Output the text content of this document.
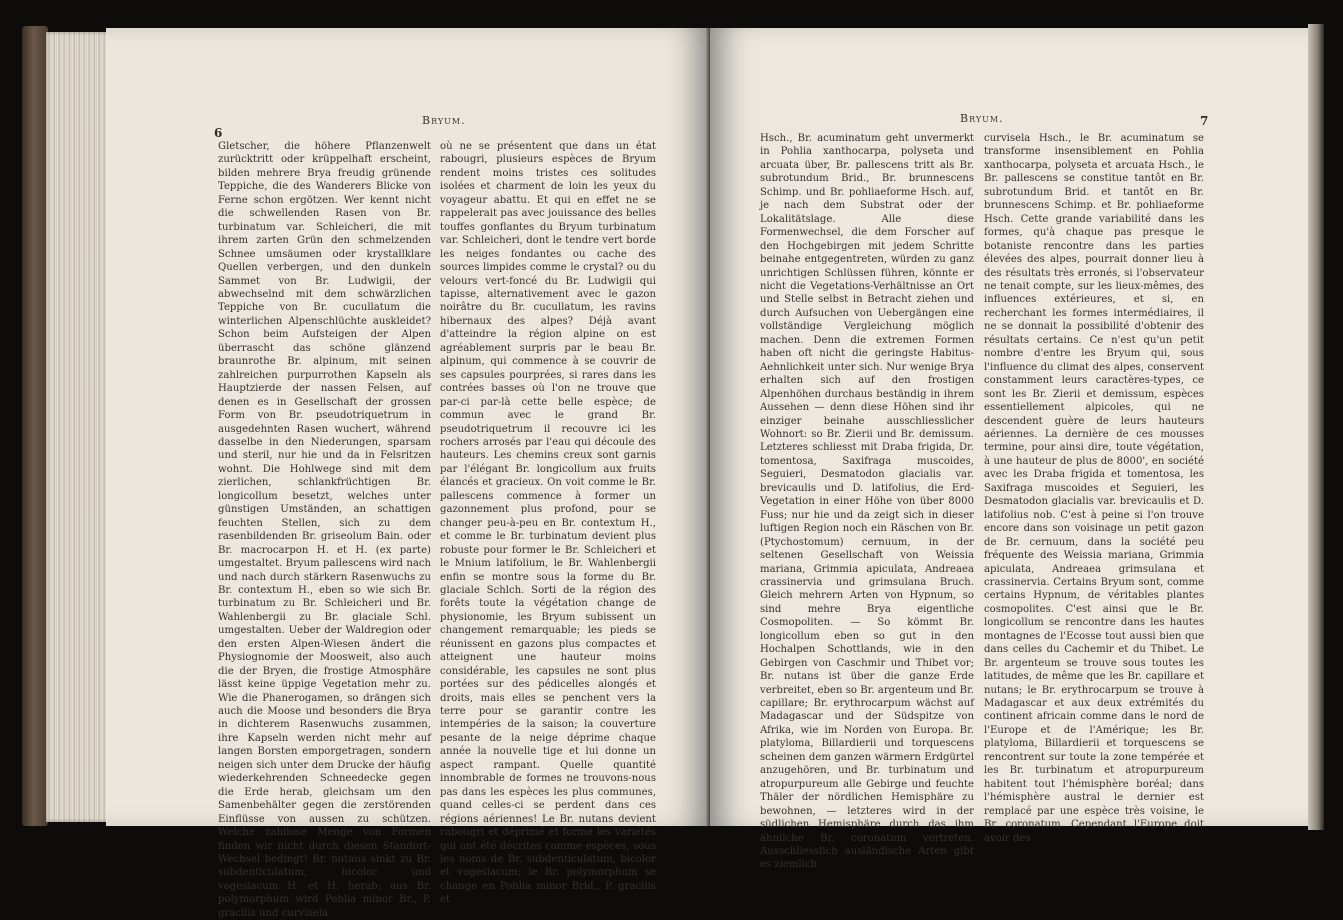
6
Bryum.

Gletscher, die höhere Pflanzenwelt zurücktritt oder krüppelhaft erscheint, bilden mehrere Brya freudig grünende Teppiche, die des Wanderers Blicke von Ferne schon ergötzen. Wer kennt nicht die schwellenden Rasen von Br. turbinatum var. Schleicheri, die mit ihrem zarten Grün den schmelzenden Schnee umsäumen oder krystallklare Quellen verbergen, und den dunkeln Sammet von Br. Ludwigii, der abwechselnd mit dem schwärzlichen Teppiche von Br. cucullatum die winterlichen Alpenschlüchte auskleidet? Schon beim Aufsteigen der Alpen überrascht das schöne glänzend braunrothe Br. alpinum, mit seinen zahlreichen purpurrothen Kapseln als Hauptzierde der nassen Felsen, auf denen es in Gesellschaft der grossen Form von Br. pseudotriquetrum in ausgedehnten Rasen wuchert, während dasselbe in den Niederungen, sparsam und steril, nur hie und da in Felsritzen wohnt. Die Hohlwege sind mit dem zierlichen, schlankfrüchtigen Br. longicollum besetzt, welches unter günstigen Umständen, an schattigen feuchten Stellen, sich zu dem rasenbildenden Br. griseolum Bain. oder Br. macrocarpon H. et H. (ex parte) umgestaltet. Bryum pallescens wird nach und nach durch stärkern Rasenwuchs zu Br. contextum H., eben so wie sich Br. turbinatum zu Br. Schleicheri und Br. Wahlenbergii zu Br. glaciale Schl. umgestalten. Ueber der Waldregion oder den ersten Alpen-Wiesen ändert die Physiognomie der Moosweit, also auch die der Bryen, die frostige Atmosphäre lässt keine üppige Vegetation mehr zu. Wie die Phanerogamen, so drängen sich auch die Moose und besonders die Brya in dichterem Rasenwuchs zusammen, ihre Kapseln werden nicht mehr auf langen Borsten emporgetragen, sondern neigen sich unter dem Drucke der häufig wiederkehrenden Schneedecke gegen die Erde herab, gleichsam um den Samenbehälter gegen die zerstörenden Einflüsse von aussen zu schützen. Welche zahllose Menge von Formen finden wir nicht durch diesen Standort-Wechsel bedingt! Br. nutans sinkt zu Br. subdenticulatum, bicolor und vogesiacum H. et H. herab; aus Br. polymorphum wird Pohlia minor Br., P. gracilis und curvisela

où ne se présentent que dans un état rabougri, plusieurs espèces de Bryum rendent moins tristes ces solitudes isolées et charment de loin les yeux du voyageur abattu. Et qui en effet ne se rappelerait pas avec jouissance des belles touffes gonflantes du Bryum turbinatum var. Schleicheri, dont le tendre vert borde les neiges fondantes ou cache des sources limpides comme le crystal? ou du velours vert-foncé du Br. Ludwigii qui tapisse, alternativement avec le gazon noirâtre du Br. cucullatum, les ravins hibernaux des alpes? Déjà avant d'atteindre la région alpine on est agréablement surpris par le beau Br. alpinum, qui commence à se couvrir de ses capsules pourprées, si rares dans les contrées basses où l'on ne trouve que par-ci par-là cette belle espèce; de commun avec le grand Br. pseudotriquetrum il recouvre ici les rochers arrosés par l'eau qui découle des hauteurs. Les chemins creux sont garnis par l'élégant Br. longicollum aux fruits élancés et gracieux. On voit comme le Br. pallescens commence à former un gazonnement plus profond, pour se changer peu-à-peu en Br. contextum H., et comme le Br. turbinatum devient plus robuste pour former le Br. Schleicheri et le Mnium latifolium, le Br. Wahlenbergii enfin se montre sous la forme du Br. glaciale Schlch. Sorti de la région des forêts toute la végétation change de physionomie, les Bryum subissent un changement remarquable; les pieds se réunissent en gazons plus compactes et atteignent une hauteur moins considérable, les capsules ne sont plus portées sur des pédicelles alongés et droits, mais elles se penchent vers la terre pour se garantir contre les intempéries de la saison; la couverture pesante de la neige déprime chaque année la nouvelle tige et lui donne un aspect rampant. Quelle quantité innombrable de formes ne trouvons-nous pas dans les espèces les plus communes, quand celles-ci se perdent dans ces régions aériennes! Le Br. nutans devient rabougri et déprimé et forme les variétés qui ont été décrites comme espèces, sous les noms de Br. subdenticulatum, bicolor et vogesiacum; le Br. polymorphum se change en Pohlia minor Brid., P. gracilis et

Bryum.	7

Hsch., Br. acuminatum geht unvermerkt in Pohlia xanthocarpa, polyseta und arcuata über, Br. pallescens tritt als Br. subrotundum Brid., Br. brunnescens Schimp. und Br. pohliaeforme Hsch. auf, je nach dem Substrat oder der Lokalitätslage. Alle diese Formenwechsel, die dem Forscher auf den Hochgebirgen mit jedem Schritte beinahe entgegentreten, würden zu ganz unrichtigen Schlüssen führen, könnte er nicht die Vegetations-Verhältnisse an Ort und Stelle selbst in Betracht ziehen und durch Aufsuchen von Uebergängen eine vollständige Vergleichung möglich machen. Denn die extremen Formen haben oft nicht die geringste Habitus-Aehnlichkeit unter sich. Nur wenige Brya erhalten sich auf den frostigen Alpenhöhen durchaus beständig in ihrem Aussehen — denn diese Höhen sind ihr einziger beinahe ausschliesslicher Wohnort: so Br. Zierii und Br. demissum. Letzteres schliesst mit Draba frigida, Dr. tomentosa, Saxifraga muscoides, Seguieri, Desmatodon glacialis var. brevicaulis und D. latifolius, die Erd-Vegetation in einer Höhe von über 8000 Fuss; nur hie und da zeigt sich in dieser luftigen Region noch ein Räschen von Br. (Ptychostomum) cernuum, in der seltenen Gesellschaft von Weissia mariana, Grimmia apiculata, Andreaea crassinervia und grimsulana Bruch. Gleich mehrern Arten von Hypnum, so sind mehre Brya eigentliche Cosmopoliten. — So kömmt Br. longicollum eben so gut in den Hochalpen Schottlands, wie in den Gebirgen von Caschmir und Thibet vor; Br. nutans ist über die ganze Erde verbreitet, eben so Br. argenteum und Br. capillare; Br. erythrocarpum wächst auf Madagascar und der Südspitze von Afrika, wie im Norden von Europa. Br. platyloma, Billardierii und torquescens scheinen dem ganzen wärmern Erdgürtel anzugehören, und Br. turbinatum und atropurpureum alle Gebirge und feuchte Thäler der nördlichen Hemisphäre zu bewohnen, — letzteres wird in der südlichen Hemisphäre durch das ihm ähnliche Br. coronatum vertreten. Ausschliesslich ausländische Arten gibt es ziemlich

curvisela Hsch., le Br. acuminatum se transforme insensiblement en Pohlia xanthocarpa, polyseta et arcuata Hsch., le Br. pallescens se constitue tantôt en Br. subrotundum Brid. et tantôt en Br. brunnescens Schimp. et Br. pohliaeforme Hsch. Cette grande variabilité dans les formes, qu'à chaque pas presque le botaniste rencontre dans les parties élevées des alpes, pourrait donner lieu à des résultats très erronés, si l'observateur ne tenait compte, sur les lieux-mêmes, des influences extérieures, et si, en recherchant les formes intermédiaires, il ne se donnait la possibilité d'obtenir des résultats certains. Ce n'est qu'un petit nombre d'entre les Bryum qui, sous l'influence du climat des alpes, conservent constamment leurs caractères-types, ce sont les Br. Zierii et demissum, espèces essentiellement alpicoles, qui ne descendent guère de leurs hauteurs aériennes. La dernière de ces mousses termine, pour ainsi dire, toute végétation, à une hauteur de plus de 8000', en société avec les Draba frigida et tomentosa, les Saxifraga muscoides et Seguieri, les Desmatodon glacialis var. brevicaulis et D. latifolius nob. C'est à peine si l'on trouve encore dans son voisinage un petit gazon de Br. cernuum, dans la société peu fréquente des Weissia mariana, Grimmia apiculata, Andreaea grimsulana et crassinervia. Certains Bryum sont, comme certains Hypnum, de véritables plantes cosmopolites. C'est ainsi que le Br. longicollum se rencontre dans les hautes montagnes de l'Ecosse tout aussi bien que dans celles du Cachemir et du Thibet. Le Br. argenteum se trouve sous toutes les latitudes, de même que les Br. capillare et nutans; le Br. erythrocarpum se trouve à Madagascar et aux deux extrémités du continent africain comme dans le nord de l'Europe et de l'Amérique; les Br. platyloma, Billardierii et torquescens se rencontrent sur toute la zone tempérée et les Br. turbinatum et atropurpureum habitent tout l'hémisphère boréal; dans l'hémisphère austral le dernier est remplacé par une espèce très voisine, le Br. coronatum. Cependant l'Europe doit avoir des
